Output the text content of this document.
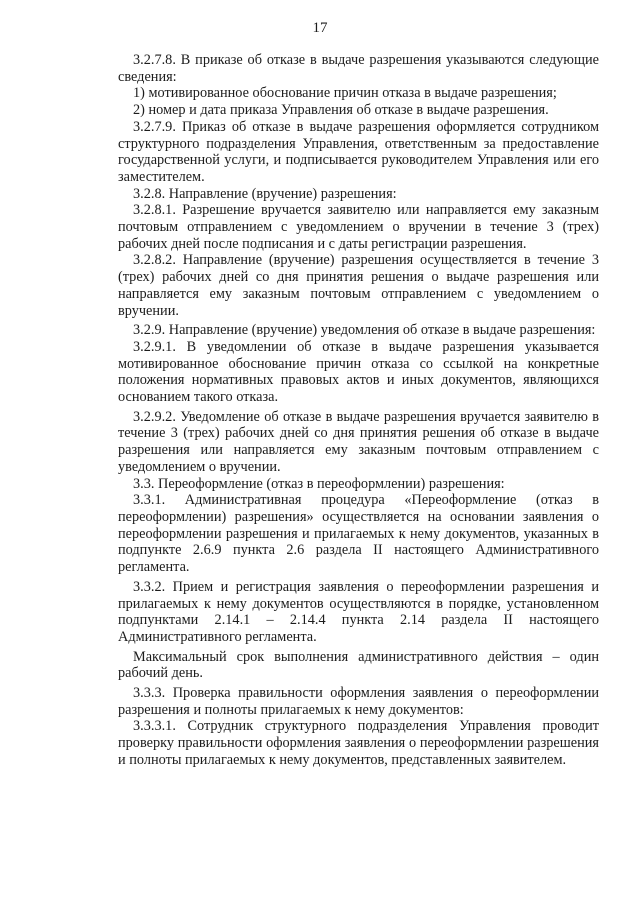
17

3.2.7.8. В приказе об отказе в выдаче разрешения указываются следующие сведения:

1) мотивированное обоснование причин отказа в выдаче разрешения;

2) номер и дата приказа Управления об отказе в выдаче разрешения.

3.2.7.9. Приказ об отказе в выдаче разрешения оформляется сотрудником структурного подразделения Управления, ответственным за предоставление государственной услуги, и подписывается руководителем Управления или его заместителем.

3.2.8. Направление (вручение) разрешения:

3.2.8.1. Разрешение вручается заявителю или направляется ему заказным почтовым отправлением с уведомлением о вручении в течение 3 (трех) рабочих дней после подписания и с даты регистрации разрешения.

3.2.8.2. Направление (вручение) разрешения осуществляется в течение 3 (трех) рабочих дней со дня принятия решения о выдаче разрешения или направляется ему заказным почтовым отправлением с уведомлением о вручении.

3.2.9. Направление (вручение) уведомления об отказе в выдаче разрешения:

3.2.9.1. В уведомлении об отказе в выдаче разрешения указывается мотивированное обоснование причин отказа со ссылкой на конкретные положения нормативных правовых актов и иных документов, являющихся основанием такого отказа.

3.2.9.2. Уведомление об отказе в выдаче разрешения вручается заявителю в течение 3 (трех) рабочих дней со дня принятия решения об отказе в выдаче разрешения или направляется ему заказным почтовым отправлением с уведомлением о вручении.

3.3. Переоформление (отказ в переоформлении) разрешения:

3.3.1. Административная процедура «Переоформление (отказ в переоформлении) разрешения» осуществляется на основании заявления о переоформлении разрешения и прилагаемых к нему документов, указанных в подпункте 2.6.9 пункта 2.6 раздела II настоящего Административного регламента.

3.3.2. Прием и регистрация заявления о переоформлении разрешения и прилагаемых к нему документов осуществляются в порядке, установленном подпунктами 2.14.1 – 2.14.4 пункта 2.14 раздела II настоящего Административного регламента.

Максимальный срок выполнения административного действия – один рабочий день.

3.3.3. Проверка правильности оформления заявления о переоформлении разрешения и полноты прилагаемых к нему документов:

3.3.3.1. Сотрудник структурного подразделения Управления проводит проверку правильности оформления заявления о переоформлении разрешения и полноты прилагаемых к нему документов, представленных заявителем.
